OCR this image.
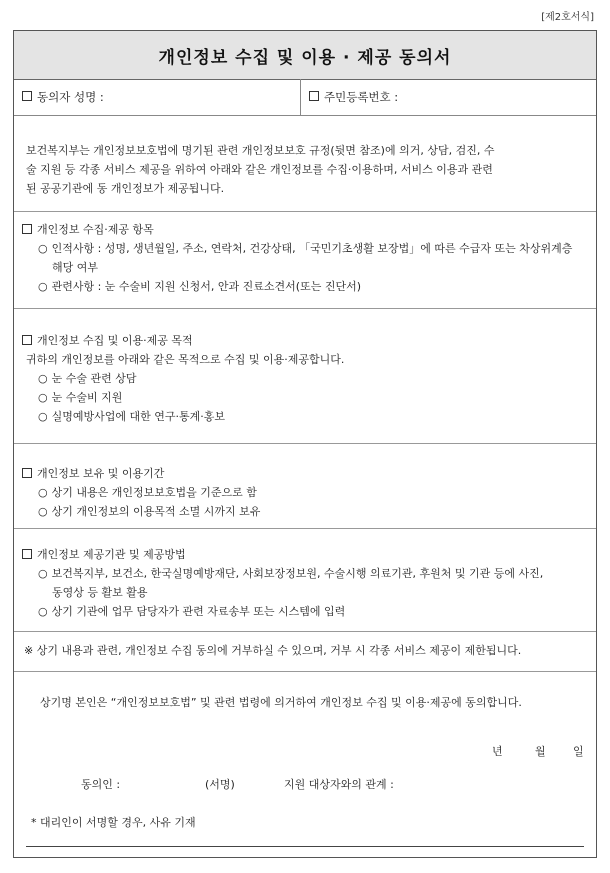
[제2호서식]
개인정보 수집 및 이용 · 제공 동의서
동의자 성명 :	주민등록번호 :
보건복지부는 개인정보보호법에 명기된 관련 개인정보보호 규정(뒷면 참조)에 의거, 상담, 검진, 수
술 지원 등 각종 서비스 제공을 위하여 아래와 같은 개인정보를 수집·이용하며, 서비스 이용과 관련
된 공공기관에 동 개인정보가 제공됩니다.
개인정보 수집·제공 항목
○ 인적사항 : 성명, 생년월일, 주소, 연락처, 건강상태, 「국민기초생활 보장법」에 따른 수급자 또는 차상위계층
해당 여부
○ 관련사항 : 눈 수술비 지원 신청서, 안과 진료소견서(또는 진단서)
개인정보 수집 및 이용·제공 목적
귀하의 개인정보를 아래와 같은 목적으로 수집 및 이용·제공합니다.
○ 눈 수술 관련 상담
○ 눈 수술비 지원
○ 실명예방사업에 대한 연구·통계·홍보
개인정보 보유 및 이용기간
○ 상기 내용은 개인정보보호법을 기준으로 함
○ 상기 개인정보의 이용목적 소멸 시까지 보유
개인정보 제공기관 및 제공방법
○ 보건복지부, 보건소, 한국실명예방재단, 사회보장정보원, 수술시행 의료기관, 후원처 및 기관 등에 사진,
동영상 등 활보 활용
○ 상기 기관에 업무 담당자가 관련 자료송부 또는 시스템에 입력
※ 상기 내용과 관련, 개인정보 수집 동의에 거부하실 수 있으며, 거부 시 각종 서비스 제공이 제한됩니다.
상기명 본인은 “개인정보보호법” 및 관련 법령에 의거하여 개인정보 수집 및 이용·제공에 동의합니다.
년	월 일
동의인 :	(서명)	지원 대상자와의 관계 :
* 대리인이 서명할 경우, 사유 기재
